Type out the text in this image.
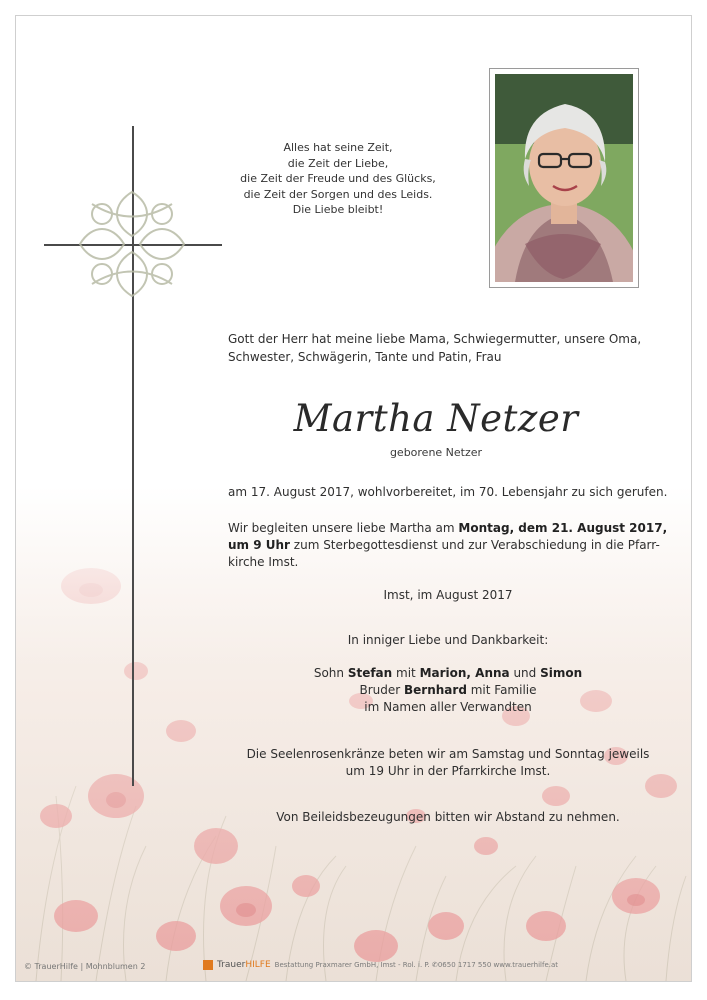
Alles hat seine Zeit,
die Zeit der Liebe,
die Zeit der Freude und des Glücks,
die Zeit der Sorgen und des Leids.
Die Liebe bleibt!
Gott der Herr hat meine liebe Mama, Schwiegermutter, unsere Oma,
Schwester, Schwägerin, Tante und Patin, Frau
Martha Netzer
geborene Netzer
am 17. August 2017, wohlvorbereitet, im 70. Lebensjahr zu sich gerufen.
Wir begleiten unsere liebe Martha am Montag, dem 21. August 2017,
um 9 Uhr zum Sterbegottesdienst und zur Verabschiedung in die Pfarr-
kirche Imst.
Imst, im August 2017
In inniger Liebe und Dankbarkeit:
Sohn Stefan mit Marion, Anna und Simon
Bruder Bernhard mit Familie
im Namen aller Verwandten
Die Seelenrosenkränze beten wir am Samstag und Sonntag jeweils
um 19 Uhr in der Pfarrkirche Imst.
Von Beileidsbezeugungen bitten wir Abstand zu nehmen.
© TrauerHilfe | Mohnblumen 2	TrauerHILFE Bestattung Praxmarer GmbH, Imst - Rol. i. P. ✆0650 1717 550 www.trauerhilfe.at
